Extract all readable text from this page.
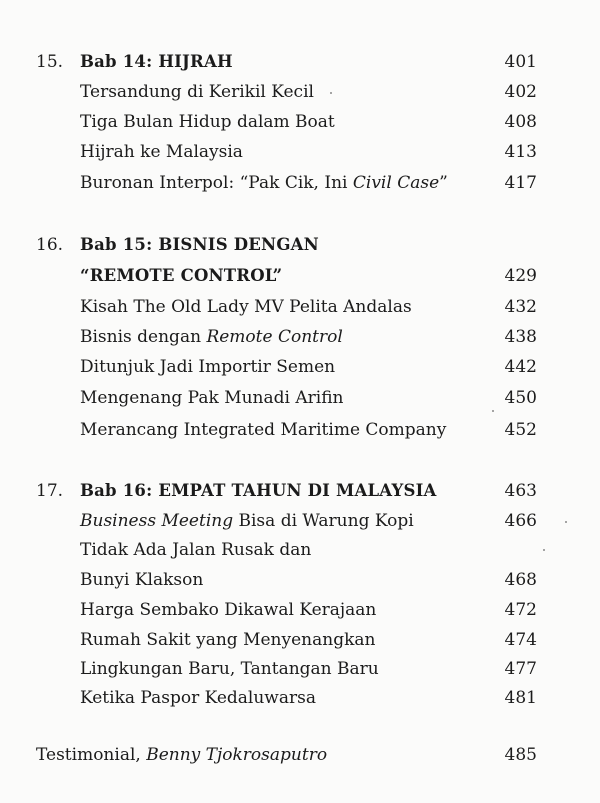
15.	Bab 14: HIJRAH	401
Tersandung di Kerikil Kecil	402
Tiga Bulan Hidup dalam Boat	408
Hijrah ke Malaysia	413
Buronan Interpol: “Pak Cik, Ini Civil Case”	417
16.	Bab 15: BISNIS DENGAN
“REMOTE CONTROL”	429
Kisah The Old Lady MV Pelita Andalas	432
Bisnis dengan Remote Control	438
Ditunjuk Jadi Importir Semen	442
Mengenang Pak Munadi Arifin	450
Merancang Integrated Maritime Company	452
17.	Bab 16: EMPAT TAHUN DI MALAYSIA	463
Business Meeting Bisa di Warung Kopi	466
Tidak Ada Jalan Rusak dan
Bunyi Klakson	468
Harga Sembako Dikawal Kerajaan	472
Rumah Sakit yang Menyenangkan	474
Lingkungan Baru, Tantangan Baru	477
Ketika Paspor Kedaluwarsa	481
Testimonial, Benny Tjokrosaputro	485
